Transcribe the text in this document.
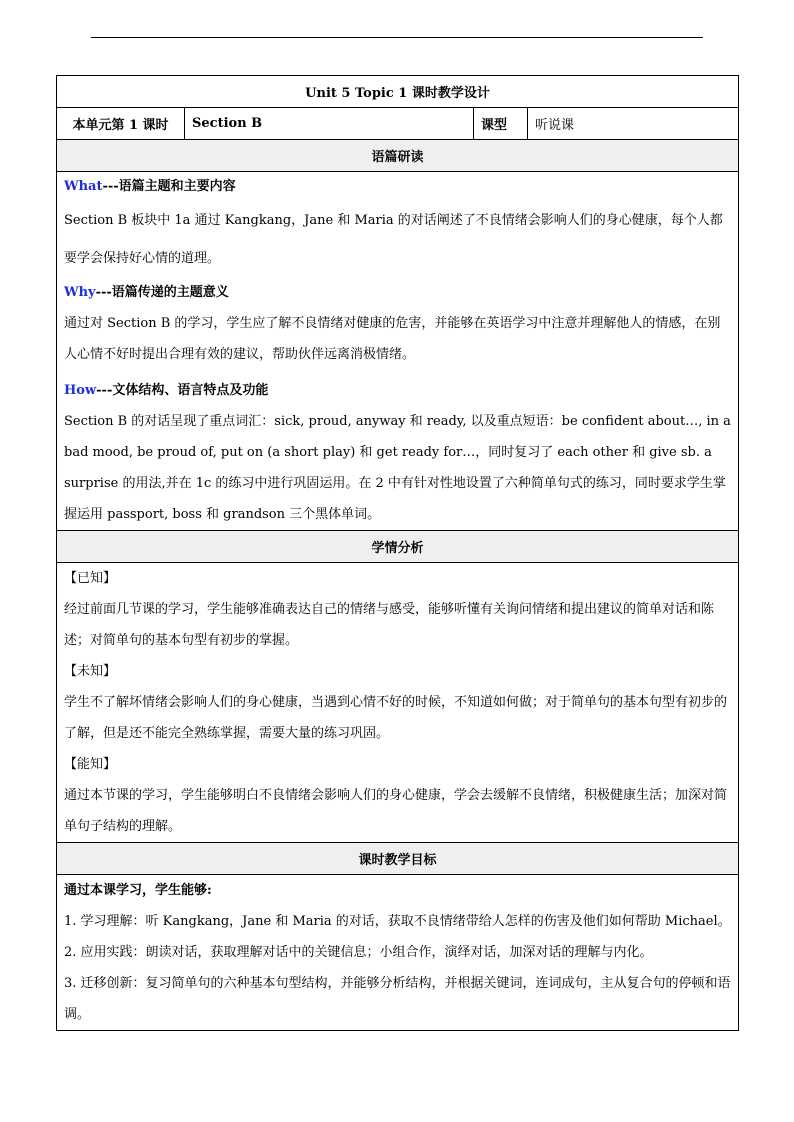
Unit 5 Topic 1 课时教学设计
本单元第 1 课时	Section B	课型	听说课
语篇研读

What---语篇主题和主要内容

Section B 板块中 1a 通过 Kangkang，Jane 和 Maria 的对话阐述了不良情绪会影响人们的身心健康，每个人都要学会保持好心情的道理。

Why---语篇传递的主题意义

通过对 Section B 的学习，学生应了解不良情绪对健康的危害，并能够在英语学习中注意并理解他人的情感，在别人心情不好时提出合理有效的建议，帮助伙伴远离消极情绪。

How---文体结构、语言特点及功能

Section B 的对话呈现了重点词汇：sick, proud, anyway 和 ready, 以及重点短语：be confident about…, in a bad mood, be proud of, put on (a short play) 和 get ready for…，同时复习了 each other 和 give sb. a surprise 的用法,并在 1c 的练习中进行巩固运用。在 2 中有针对性地设置了六种简单句式的练习，同时要求学生掌握运用 passport, boss 和 grandson 三个黑体单词。

学情分析

【已知】

经过前面几节课的学习，学生能够准确表达自己的情绪与感受，能够听懂有关询问情绪和提出建议的简单对话和陈述；对简单句的基本句型有初步的掌握。

【未知】

学生不了解坏情绪会影响人们的身心健康，当遇到心情不好的时候，不知道如何做；对于简单句的基本句型有初步的了解，但是还不能完全熟练掌握，需要大量的练习巩固。

【能知】

通过本节课的学习，学生能够明白不良情绪会影响人们的身心健康，学会去缓解不良情绪，积极健康生活；加深对简单句子结构的理解。

课时教学目标

通过本课学习，学生能够:

1. 学习理解：听 Kangkang，Jane 和 Maria 的对话，获取不良情绪带给人怎样的伤害及他们如何帮助 Michael。

2. 应用实践：朗读对话，获取理解对话中的关键信息；小组合作，演绎对话，加深对话的理解与内化。

3. 迁移创新：复习简单句的六种基本句型结构，并能够分析结构，并根据关键词，连词成句，主从复合句的停顿和语调。
